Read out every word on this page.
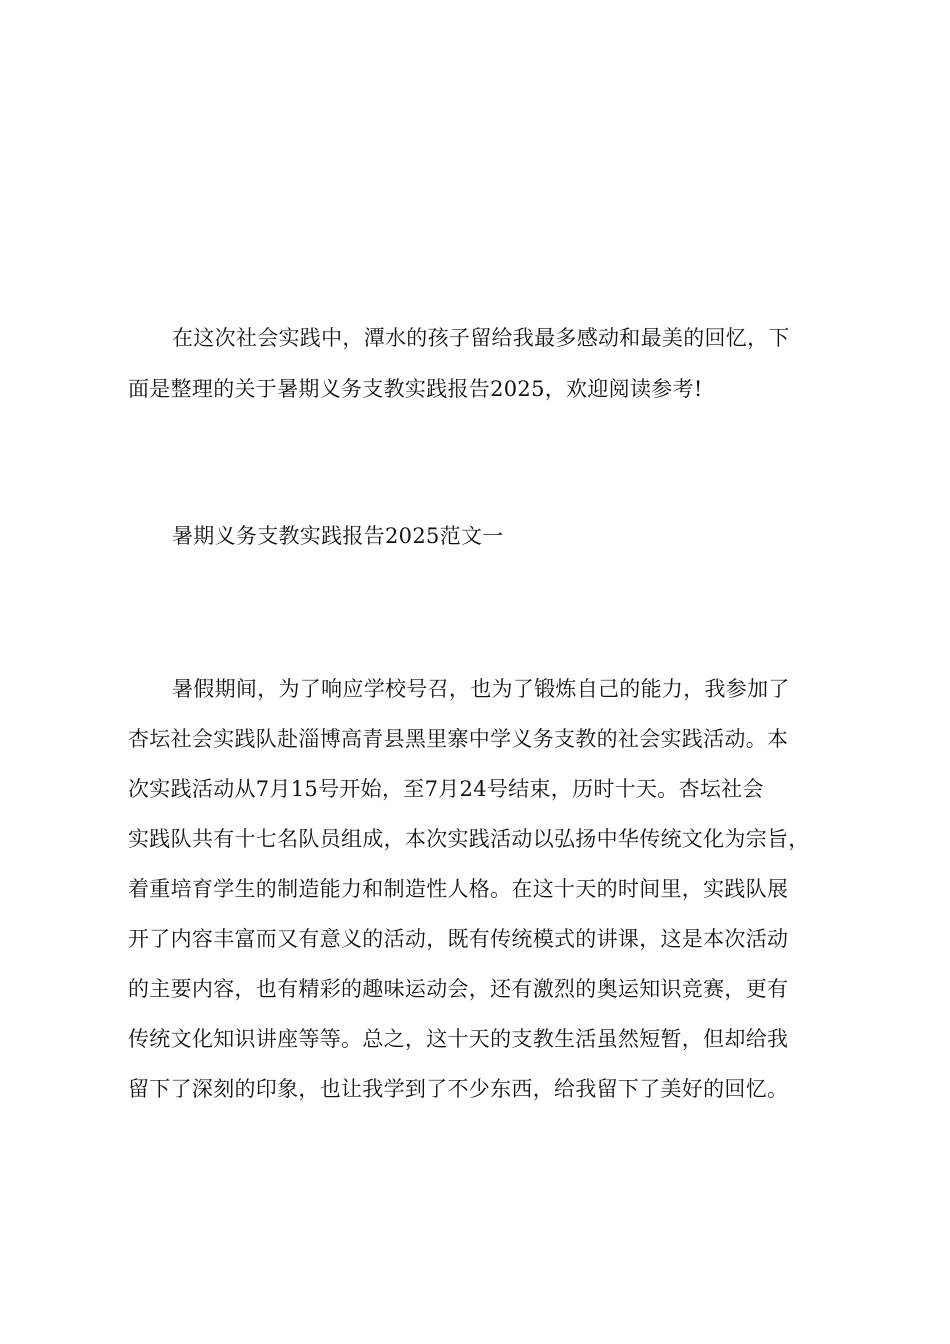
在这次社会实践中，潭水的孩子留给我最多感动和最美的回忆，下
面是整理的关于暑期义务支教实践报告2025，欢迎阅读参考!
暑期义务支教实践报告2025范文一
暑假期间，为了响应学校号召，也为了锻炼自己的能力，我参加了
杏坛社会实践队赴淄博高青县黑里寨中学义务支教的社会实践活动。本
次实践活动从7月15号开始，至7月24号结束，历时十天。杏坛社会
实践队共有十七名队员组成，本次实践活动以弘扬中华传统文化为宗旨，
着重培育学生的制造能力和制造性人格。在这十天的时间里，实践队展
开了内容丰富而又有意义的活动，既有传统模式的讲课，这是本次活动
的主要内容，也有精彩的趣味运动会，还有激烈的奥运知识竞赛，更有
传统文化知识讲座等等。总之，这十天的支教生活虽然短暂，但却给我
留下了深刻的印象，也让我学到了不少东西，给我留下了美好的回忆。
